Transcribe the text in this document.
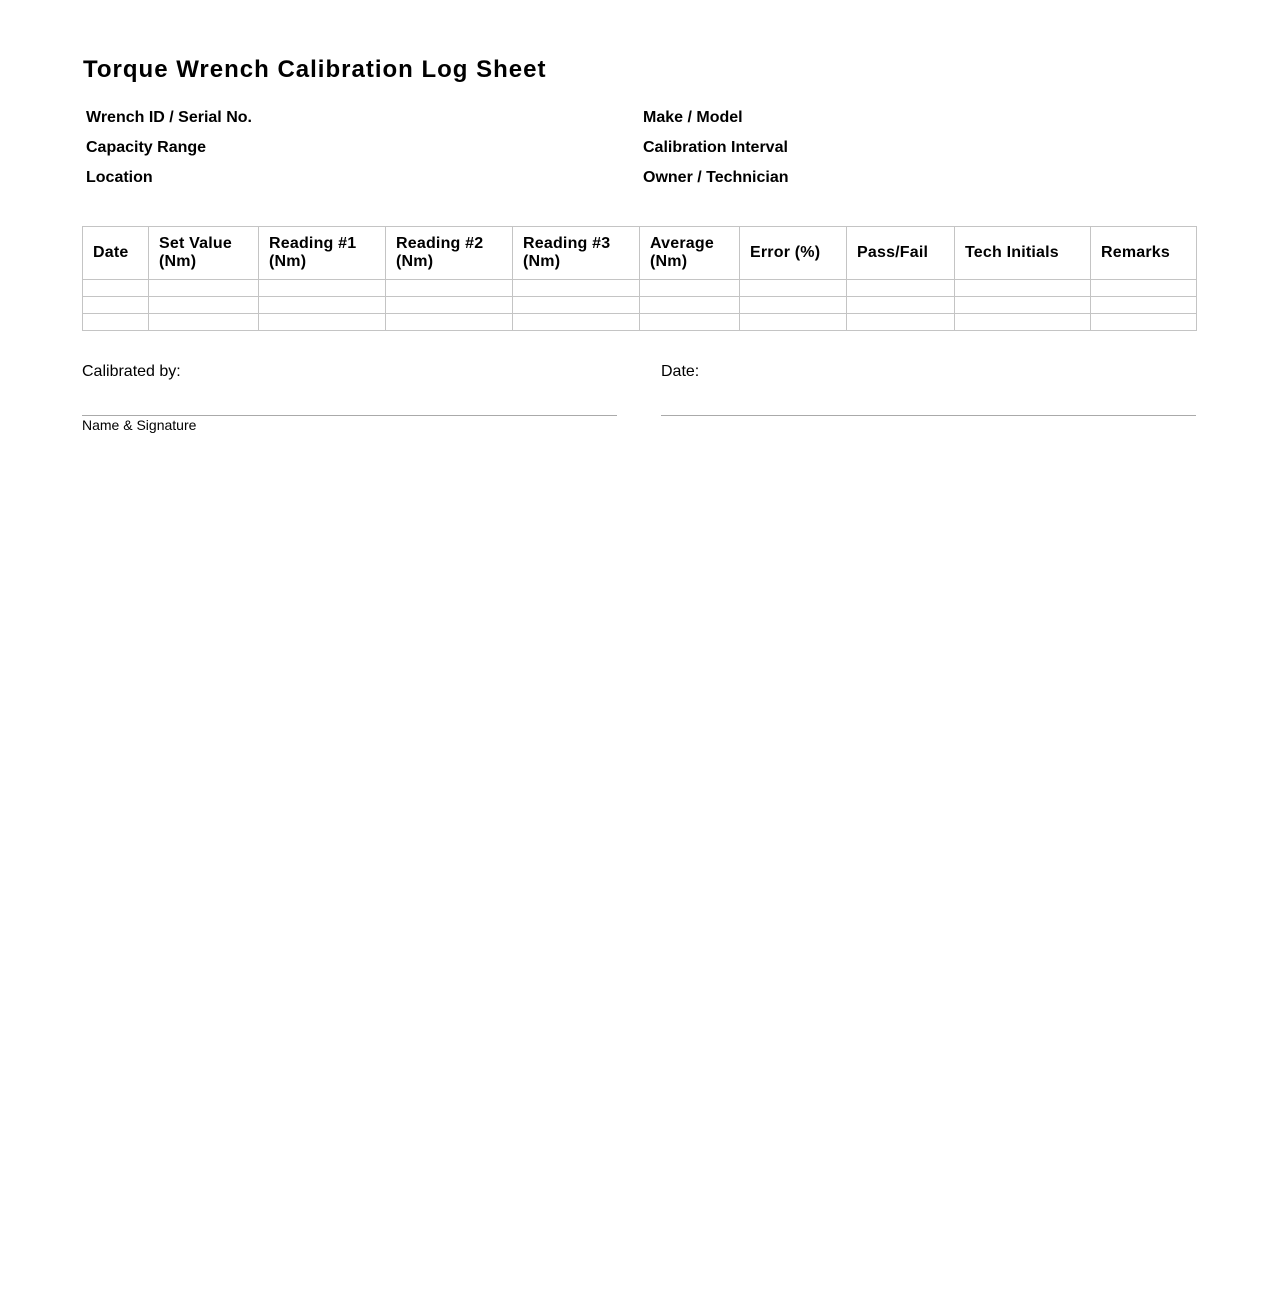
Torque Wrench Calibration Log Sheet
Wrench ID / Serial No.
Capacity Range
Location
Make / Model
Calibration Interval
Owner / Technician
Date	Set Value (Nm)	Reading #1 (Nm)	Reading #2 (Nm)	Reading #3 (Nm)	Average (Nm)	Error (%)	Pass/Fail	Tech Initials	Remarks

Calibrated by:
Name & Signature
Date:
